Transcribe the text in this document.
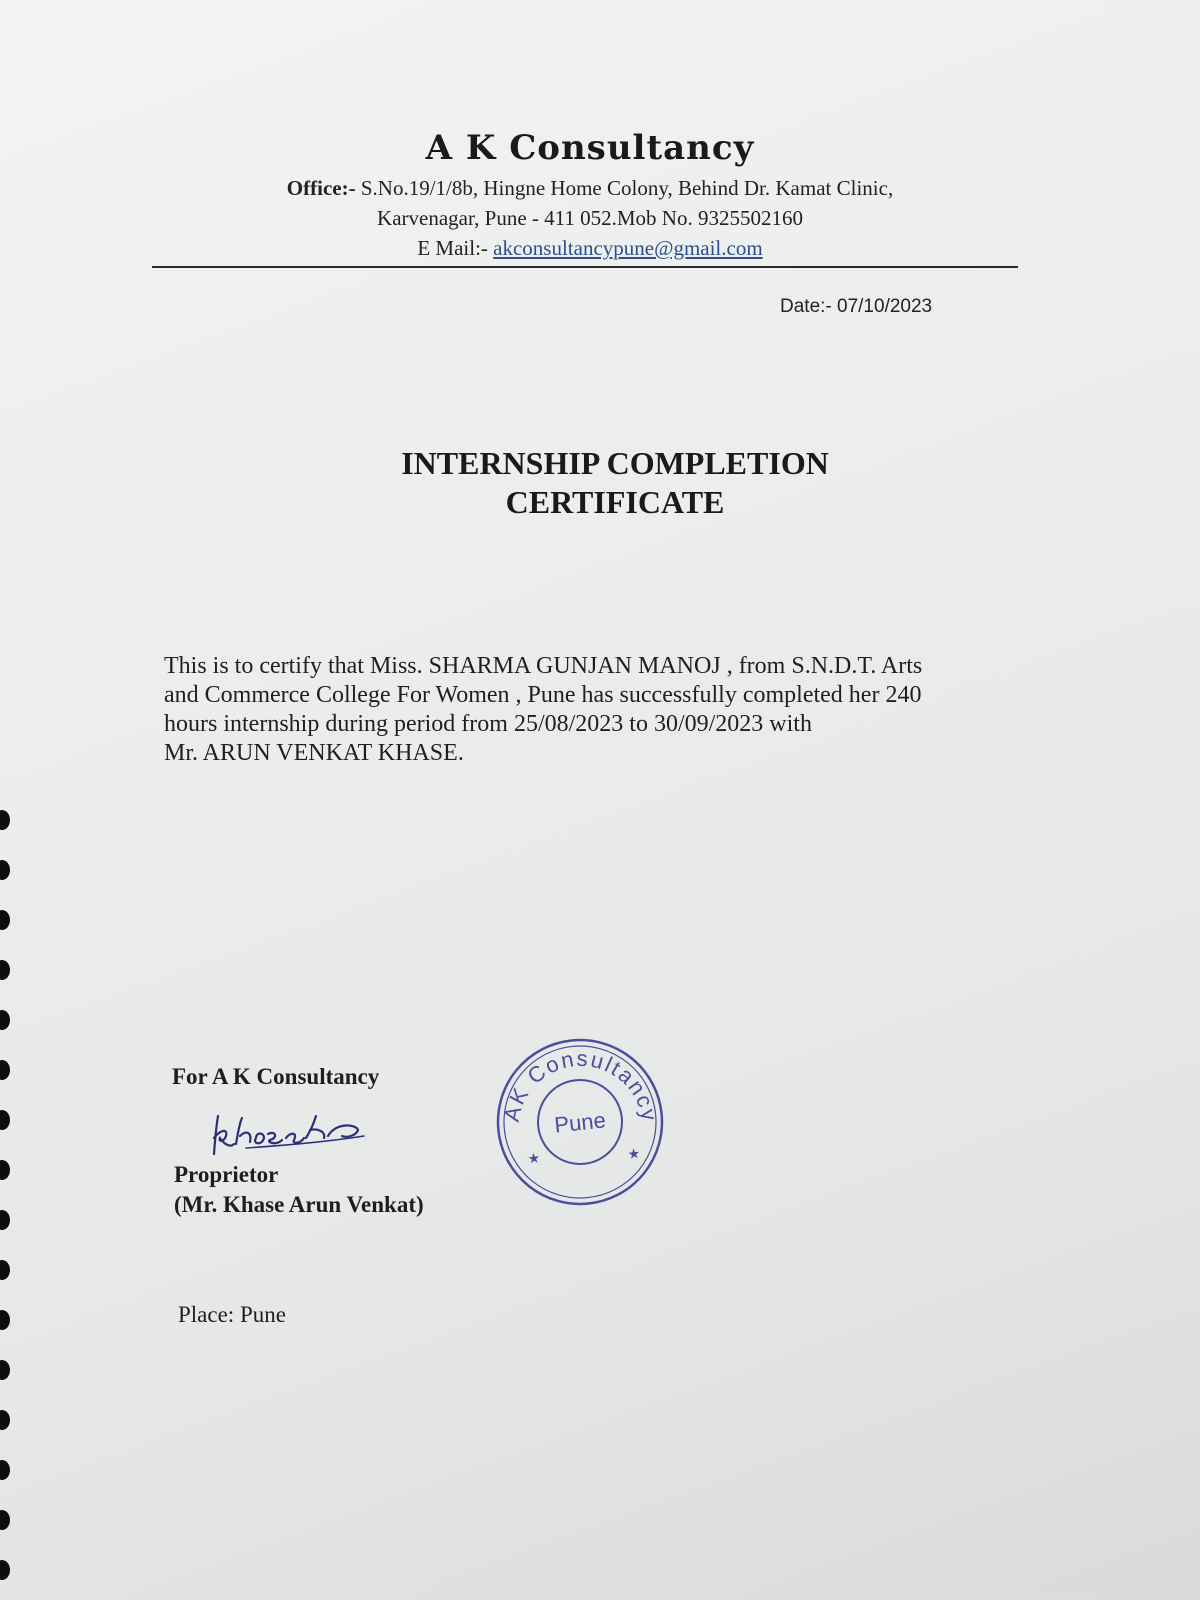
A K Consultancy
Office:- S.No.19/1/8b, Hingne Home Colony, Behind Dr. Kamat Clinic,
Karvenagar, Pune - 411 052.Mob No. 9325502160
E Mail:- akconsultancypune@gmail.com
Date:- 07/10/2023
INTERNSHIP COMPLETION
CERTIFICATE
This is to certify that Miss. SHARMA GUNJAN MANOJ , from S.N.D.T. Arts
and Commerce College For Women , Pune has successfully completed her 240
hours internship during period from 25/08/2023 to 30/09/2023 with
Mr. ARUN VENKAT KHASE.
For A K Consultancy
Proprietor
(Mr. Khase Arun Venkat)
AK Consultancy
Pune
★	★
Place: Pune
